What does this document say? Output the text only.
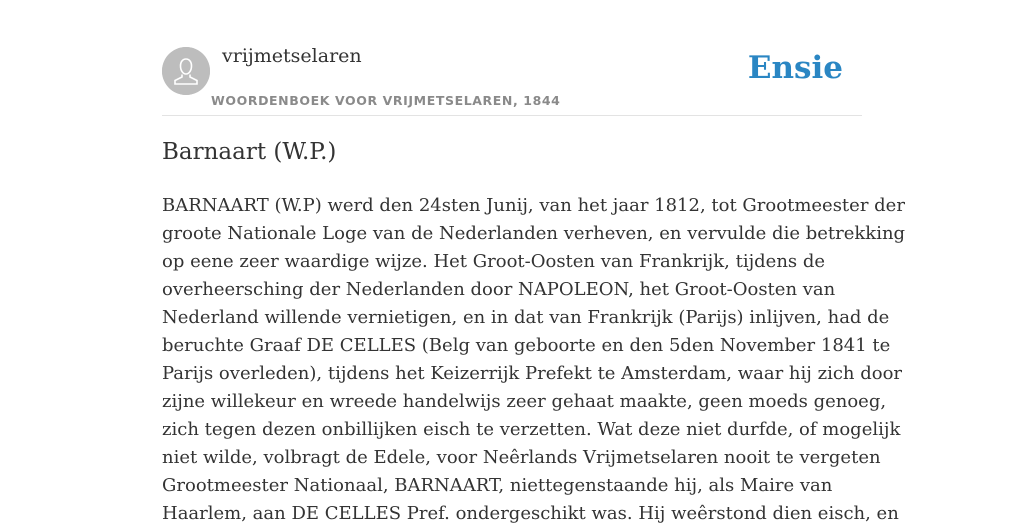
vrijmetselaren
WOORDENBOEK VOOR VRIJMETSELAREN, 1844
Ensie
Barnaart (W.P.)

BARNAART (W.P) werd den 24sten Junij, van het jaar 1812, tot Grootmeester der
groote Nationale Loge van de Nederlanden verheven, en vervulde die betrekking
op eene zeer waardige wijze. Het Groot-Oosten van Frankrijk, tijdens de
overheersching der Nederlanden door NAPOLEON, het Groot-Oosten van
Nederland willende vernietigen, en in dat van Frankrijk (Parijs) inlijven, had de
beruchte Graaf DE CELLES (Belg van geboorte en den 5den November 1841 te
Parijs overleden), tijdens het Keizerrijk Prefekt te Amsterdam, waar hij zich door
zijne willekeur en wreede handelwijs zeer gehaat maakte, geen moeds genoeg,
zich tegen dezen onbillijken eisch te verzetten. Wat deze niet durfde, of mogelijk
niet wilde, volbragt de Edele, voor Neêrlands Vrijmetselaren nooit te vergeten
Grootmeester Nationaal, BARNAART, niettegenstaande hij, als Maire van
Haarlem, aan DE CELLES Pref. ondergeschikt was. Hij weêrstond dien eisch, en
